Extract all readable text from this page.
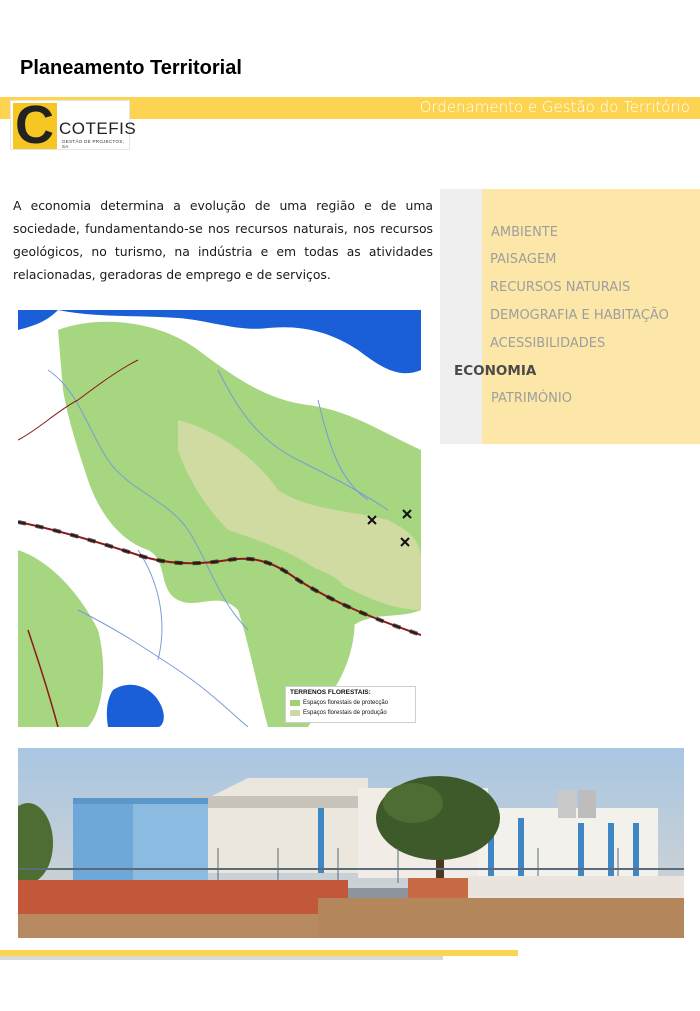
Planeamento Territorial
Ordenamento e Gestão do Território
C COTEFIS
GESTÃO DE PROJECTOS, SA

A economia determina a evolução de uma região e de uma sociedade, fundamentando-se nos recursos naturais, nos recursos geológicos, no turismo, na indústria e em todas as atividades relacionadas, geradoras de emprego e de serviços.

AMBIENTE
PAISAGEM
RECURSOS NATURAIS
DEMOGRAFIA E HABITAÇÃO
ACESSIBILIDADES
ECONOMIA
PATRIMÓNIO
TERRENOS FLORESTAIS:
Espaços florestais de protecção
Espaços florestais de produção
